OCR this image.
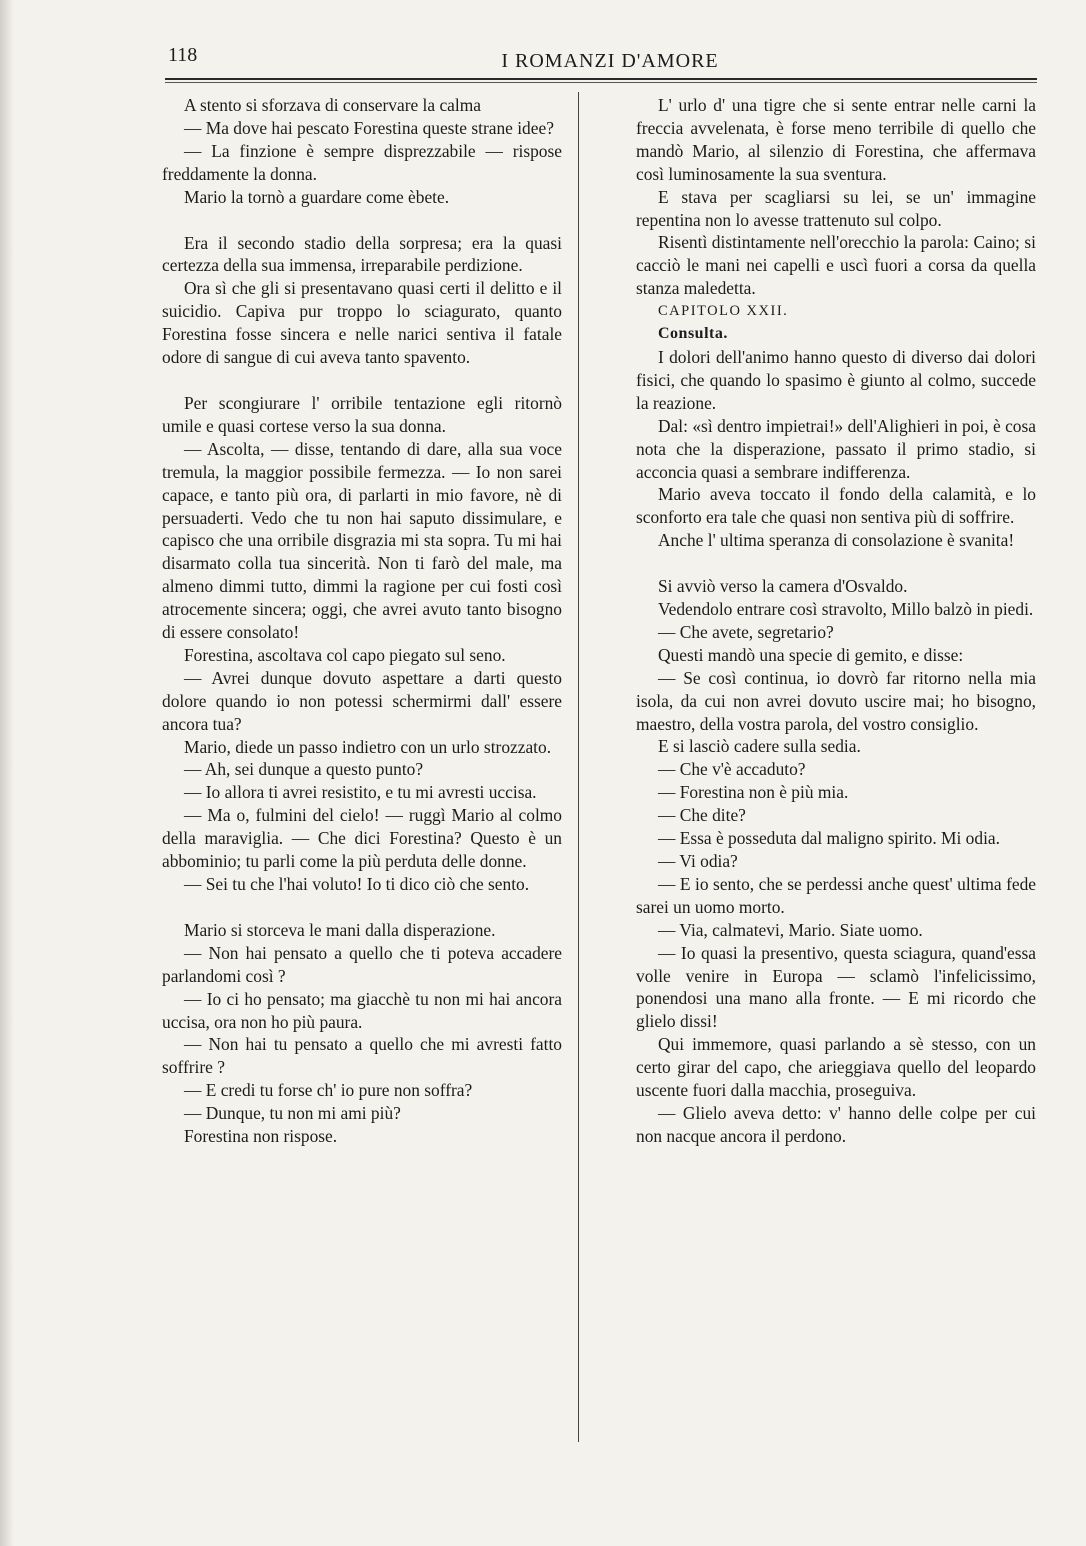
118	I ROMANZI D'AMORE

A stento si sforzava di conservare la calma

— Ma dove hai pescato Forestina queste strane idee?

— La finzione è sempre disprezzabile — rispose freddamente la donna.

Mario la tornò a guardare come èbete.

Era il secondo stadio della sorpresa; era la quasi certezza della sua immensa, irreparabile perdizione.

Ora sì che gli si presentavano quasi certi il delitto e il suicidio. Capiva pur troppo lo sciagurato, quanto Forestina fosse sincera e nelle narici sentiva il fatale odore di sangue di cui aveva tanto spavento.

Per scongiurare l' orribile tentazione egli ritornò umile e quasi cortese verso la sua donna.

— Ascolta, — disse, tentando di dare, alla sua voce tremula, la maggior possibile fermezza. — Io non sarei capace, e tanto più ora, di parlarti in mio favore, nè di persuaderti. Vedo che tu non hai saputo dissimulare, e capisco che una orribile disgrazia mi sta sopra. Tu mi hai disarmato colla tua sincerità. Non ti farò del male, ma almeno dimmi tutto, dimmi la ragione per cui fosti così atrocemente sincera; oggi, che avrei avuto tanto bisogno di essere consolato!

Forestina, ascoltava col capo piegato sul seno.

— Avrei dunque dovuto aspettare a darti questo dolore quando io non potessi schermirmi dall' essere ancora tua?

Mario, diede un passo indietro con un urlo strozzato.

— Ah, sei dunque a questo punto?

— Io allora ti avrei resistito, e tu mi avresti uccisa.

— Ma o, fulmini del cielo! — ruggì Mario al colmo della maraviglia. — Che dici Forestina? Questo è un abbominio; tu parli come la più perduta delle donne.

— Sei tu che l'hai voluto! Io ti dico ciò che sento.

Mario si storceva le mani dalla disperazione.

— Non hai pensato a quello che ti poteva accadere parlandomi così ?

— Io ci ho pensato; ma giacchè tu non mi hai ancora uccisa, ora non ho più paura.

— Non hai tu pensato a quello che mi avresti fatto soffrire ?

— E credi tu forse ch' io pure non soffra?

— Dunque, tu non mi ami più?

Forestina non rispose.

L' urlo d' una tigre che si sente entrar nelle carni la freccia avvelenata, è forse meno terribile di quello che mandò Mario, al silenzio di Forestina, che affermava così luminosamente la sua sventura.

E stava per scagliarsi su lei, se un' immagine repentina non lo avesse trattenuto sul colpo.

Risentì distintamente nell'orecchio la parola: Caino; si cacciò le mani nei capelli e uscì fuori a corsa da quella stanza maledetta.

CAPITOLO XXII.

Consulta.

I dolori dell'animo hanno questo di diverso dai dolori fisici, che quando lo spasimo è giunto al colmo, succede la reazione.

Dal: «sì dentro impietrai!» dell'Alighieri in poi, è cosa nota che la disperazione, passato il primo stadio, si acconcia quasi a sembrare indifferenza.

Mario aveva toccato il fondo della calamità, e lo sconforto era tale che quasi non sentiva più di soffrire.

Anche l' ultima speranza di consolazione è svanita!

Si avviò verso la camera d'Osvaldo.

Vedendolo entrare così stravolto, Millo balzò in piedi.

— Che avete, segretario?

Questi mandò una specie di gemito, e disse:

— Se così continua, io dovrò far ritorno nella mia isola, da cui non avrei dovuto uscire mai; ho bisogno, maestro, della vostra parola, del vostro consiglio.

E si lasciò cadere sulla sedia.

— Che v'è accaduto?

— Forestina non è più mia.

— Che dite?

— Essa è posseduta dal maligno spirito. Mi odia.

— Vi odia?

— E io sento, che se perdessi anche quest' ultima fede sarei un uomo morto.

— Via, calmatevi, Mario. Siate uomo.

— Io quasi la presentivo, questa sciagura, quand'essa volle venire in Europa — sclamò l'infelicissimo, ponendosi una mano alla fronte. — E mi ricordo che glielo dissi!

Qui immemore, quasi parlando a sè stesso, con un certo girar del capo, che arieggiava quello del leopardo uscente fuori dalla macchia, proseguiva.

— Glielo aveva detto: v' hanno delle colpe per cui non nacque ancora il perdono.
